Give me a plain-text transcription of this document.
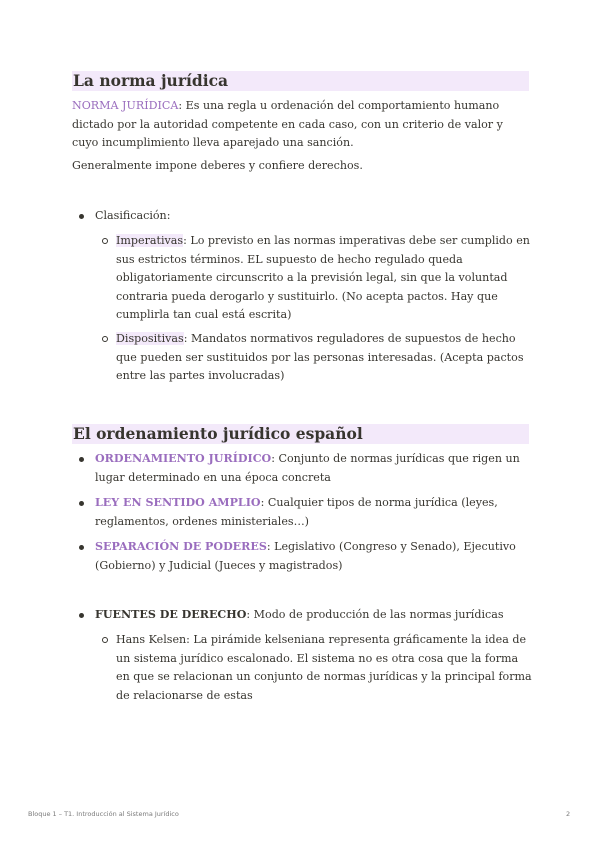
La norma jurídica

NORMA JURÍDICA: Es una regla u ordenación del comportamiento humano dictado por la autoridad competente en cada caso, con un criterio de valor y cuyo incumplimiento lleva aparejado una sanción.

Generalmente impone deberes y confiere derechos.

Clasificación:

Imperativas: Lo previsto en las normas imperativas debe ser cumplido en sus estrictos términos. EL supuesto de hecho regulado queda obligatoriamente circunscrito a la previsión legal, sin que la voluntad contraria pueda derogarlo y sustituirlo. (No acepta pactos. Hay que cumplirla tan cual está escrita)

Dispositivas: Mandatos normativos reguladores de supuestos de hecho que pueden ser sustituidos por las personas interesadas. (Acepta pactos entre las partes involucradas)

El ordenamiento jurídico español

ORDENAMIENTO JURÍDICO: Conjunto de normas jurídicas que rigen un lugar determinado en una época concreta

LEY EN SENTIDO AMPLIO: Cualquier tipos de norma jurídica (leyes, reglamentos, ordenes ministeriales…)

SEPARACIÓN DE PODERES: Legislativo (Congreso y Senado), Ejecutivo (Gobierno) y Judicial (Jueces y magistrados)

FUENTES DE DERECHO: Modo de producción de las normas jurídicas

Hans Kelsen: La pirámide kelseniana representa gráficamente la idea de un sistema jurídico escalonado. El sistema no es otra cosa que la forma en que se relacionan un conjunto de normas jurídicas y la principal forma de relacionarse de estas

Bloque 1 – T1. Introducción al Sistema Jurídico	2
